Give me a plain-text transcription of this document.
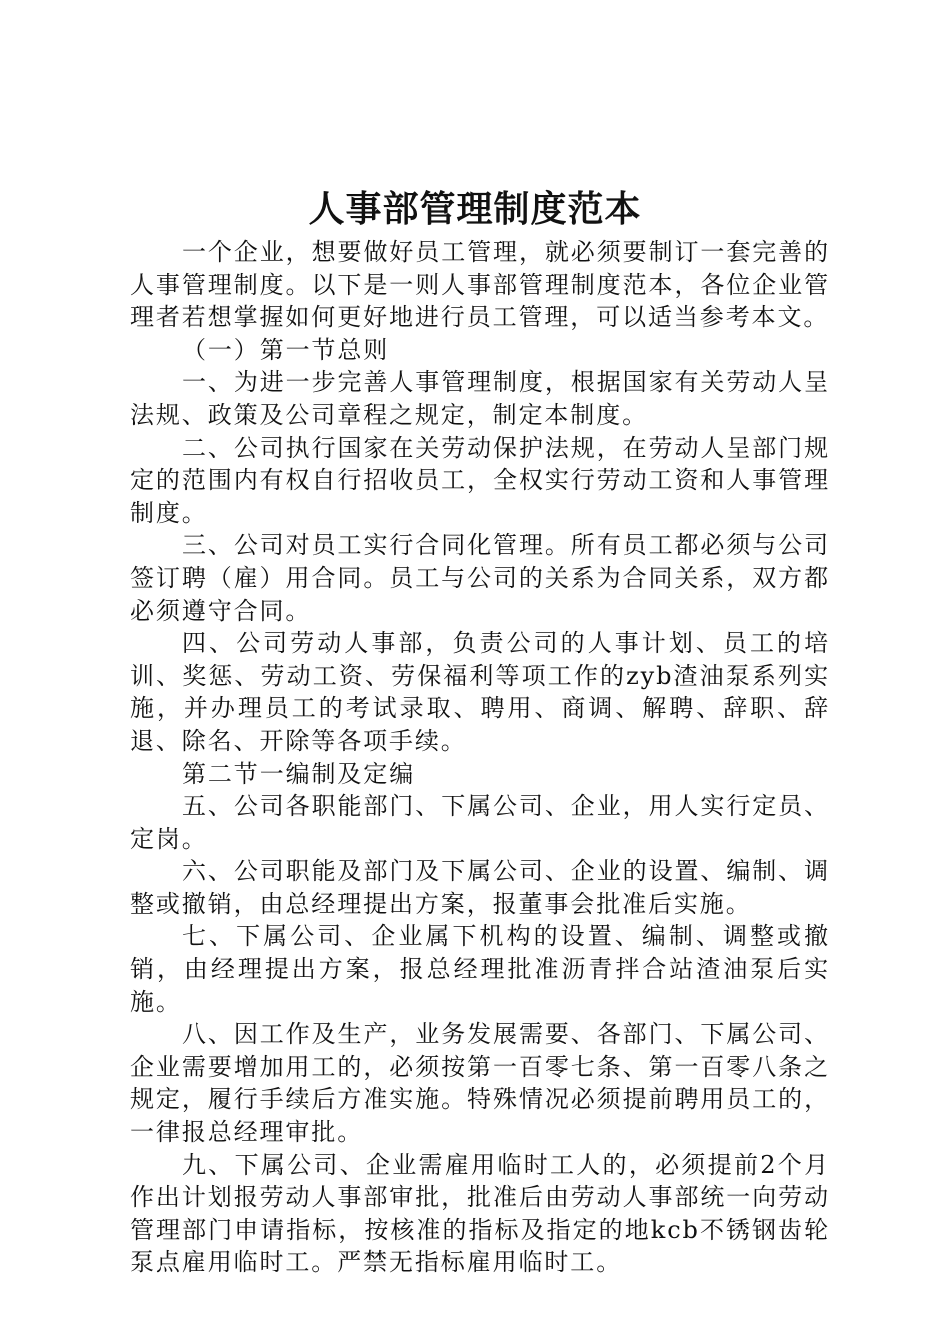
人事部管理制度范本

一个企业，想要做好员工管理，就必须要制订一套完善的人事管理制度。以下是一则人事部管理制度范本，各位企业管理者若想掌握如何更好地进行员工管理，可以适当参考本文。

（一）第一节总则

一、为进一步完善人事管理制度，根据国家有关劳动人呈法规、政策及公司章程之规定，制定本制度。

二、公司执行国家在关劳动保护法规，在劳动人呈部门规定的范围内有权自行招收员工，全权实行劳动工资和人事管理制度。

三、公司对员工实行合同化管理。所有员工都必须与公司签订聘（雇）用合同。员工与公司的关系为合同关系，双方都必须遵守合同。

四、公司劳动人事部，负责公司的人事计划、员工的培训、奖惩、劳动工资、劳保福利等项工作的zyb渣油泵系列实施，并办理员工的考试录取、聘用、商调、解聘、辞职、辞退、除名、开除等各项手续。

第二节一编制及定编

五、公司各职能部门、下属公司、企业，用人实行定员、定岗。

六、公司职能及部门及下属公司、企业的设置、编制、调整或撤销，由总经理提出方案，报董事会批准后实施。

七、下属公司、企业属下机构的设置、编制、调整或撤销，由经理提出方案，报总经理批准沥青拌合站渣油泵后实施。

八、因工作及生产，业务发展需要、各部门、下属公司、企业需要增加用工的，必须按第一百零七条、第一百零八条之规定，履行手续后方准实施。特殊情况必须提前聘用员工的，一律报总经理审批。

九、下属公司、企业需雇用临时工人的，必须提前2个月作出计划报劳动人事部审批，批准后由劳动人事部统一向劳动管理部门申请指标，按核准的指标及指定的地kcb不锈钢齿轮泵点雇用临时工。严禁无指标雇用临时工。
